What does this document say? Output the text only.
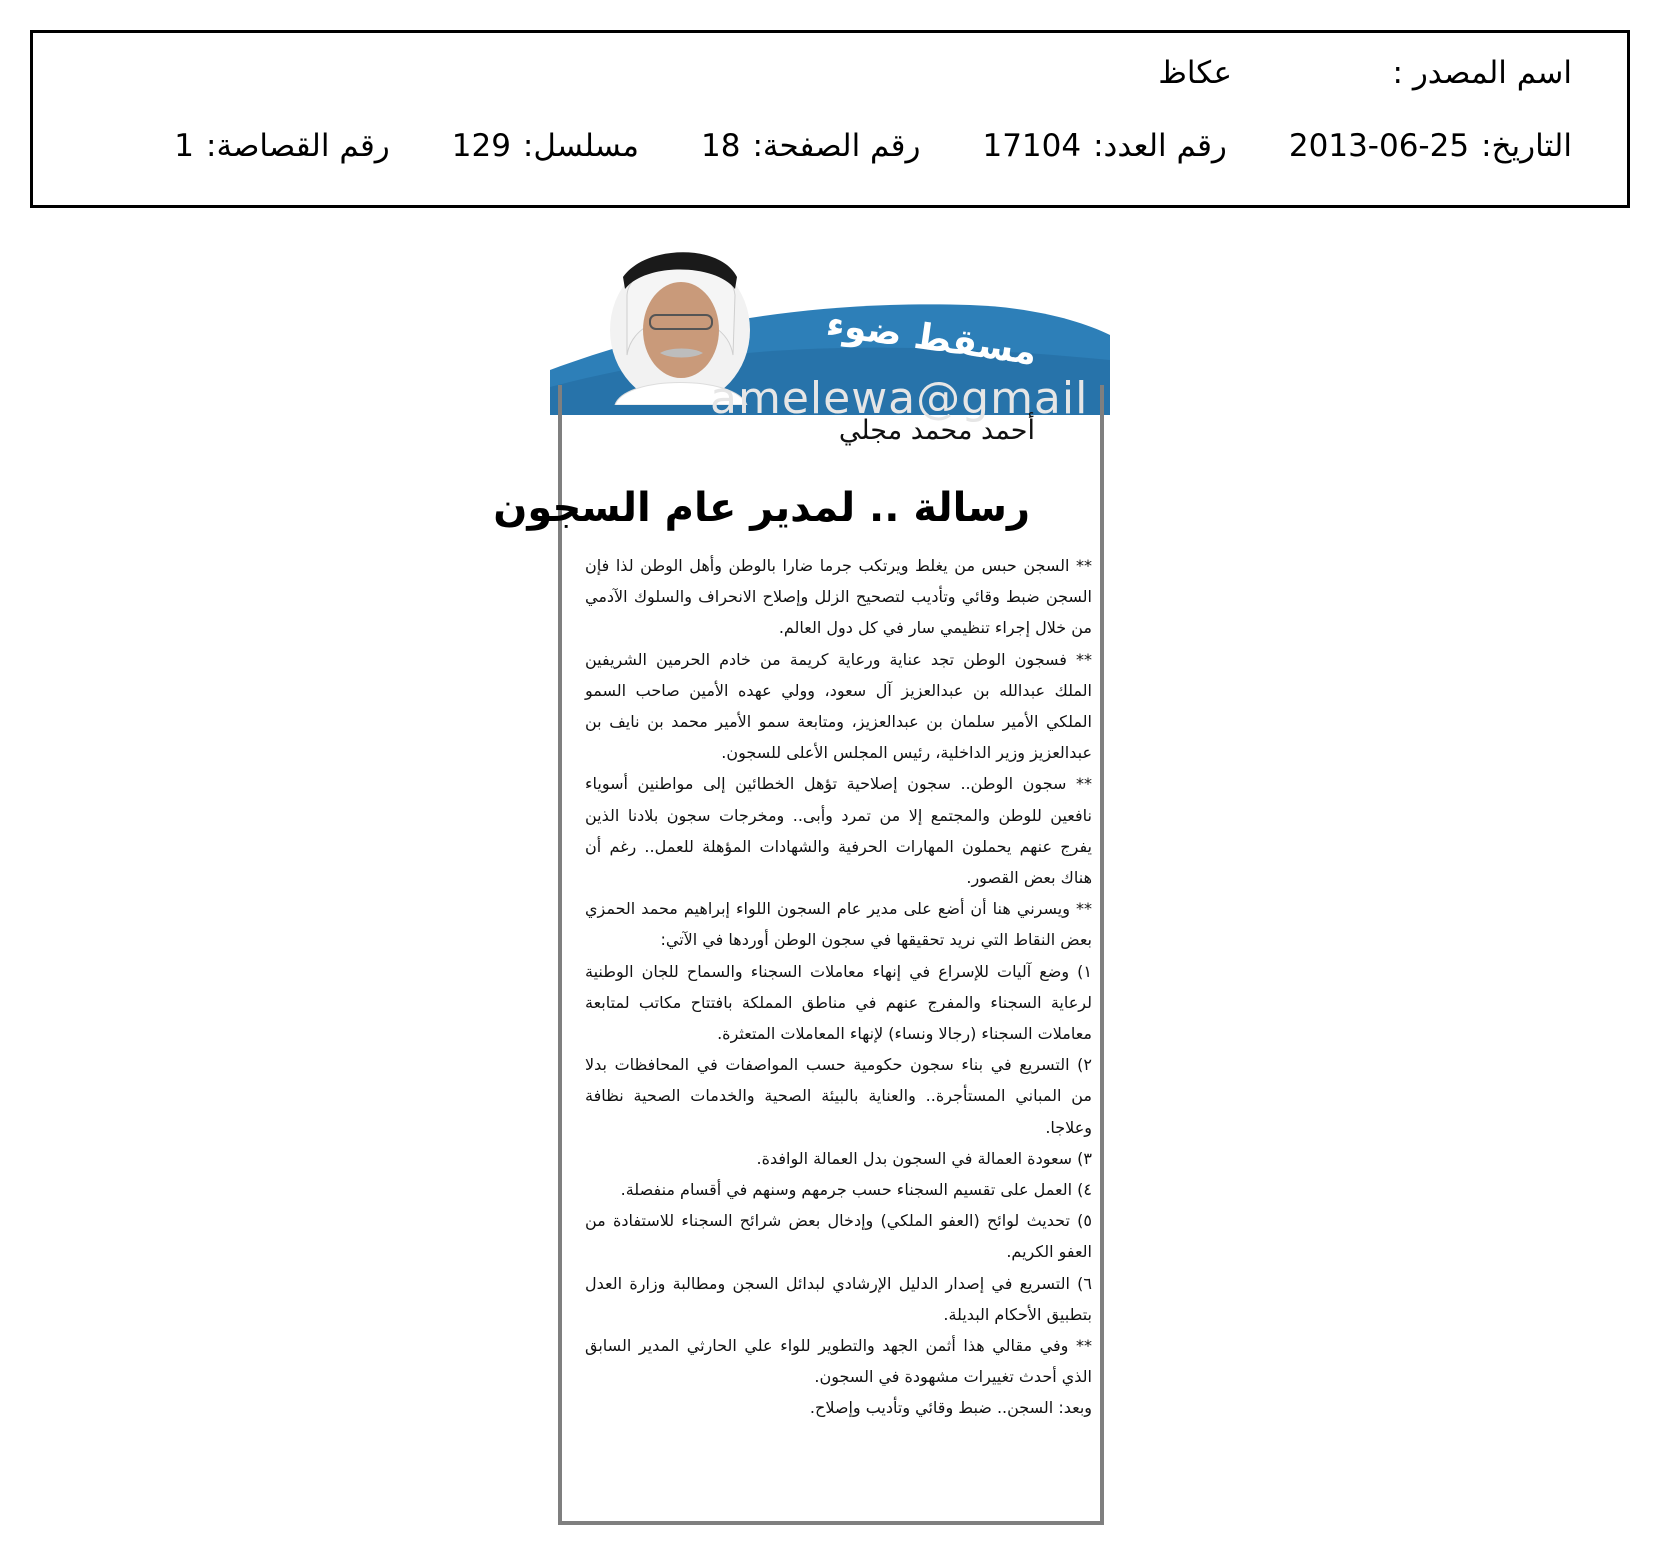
اسم المصدر :
عكاظ
التاريخ:
2013-06-25
رقم العدد:
17104
رقم الصفحة:
18
مسلسل:
129
رقم القصاصة:
1
مسقط ضوء
amelewa@gmail
أحمد محمد مجلي
رسالة .. لمدير عام السجون

** السجن حبس من يغلط ويرتكب جرما ضارا بالوطن وأهل الوطن لذا فإن السجن ضبط وقائي وتأديب لتصحيح الزلل وإصلاح الانحراف والسلوك الآدمي من خلال إجراء تنظيمي سار في كل دول العالم.

** فسجون الوطن تجد عناية ورعاية كريمة من خادم الحرمين الشريفين الملك عبدالله بن عبدالعزيز آل سعود، وولي عهده الأمين صاحب السمو الملكي الأمير سلمان بن عبدالعزيز، ومتابعة سمو الأمير محمد بن نايف بن عبدالعزيز وزير الداخلية، رئيس المجلس الأعلى للسجون.

** سجون الوطن.. سجون إصلاحية تؤهل الخطائين إلى مواطنين أسوياء نافعين للوطن والمجتمع إلا من تمرد وأبى.. ومخرجات سجون بلادنا الذين يفرج عنهم يحملون المهارات الحرفية والشهادات المؤهلة للعمل.. رغم أن هناك بعض القصور.

** ويسرني هنا أن أضع على مدير عام السجون اللواء إبراهيم محمد الحمزي بعض النقاط التي نريد تحقيقها في سجون الوطن أوردها في الآتي:

١) وضع آليات للإسراع في إنهاء معاملات السجناء والسماح للجان الوطنية لرعاية السجناء والمفرج عنهم في مناطق المملكة بافتتاح مكاتب لمتابعة معاملات السجناء (رجالا ونساء) لإنهاء المعاملات المتعثرة.

٢) التسريع في بناء سجون حكومية حسب المواصفات في المحافظات بدلا من المباني المستأجرة.. والعناية بالبيئة الصحية والخدمات الصحية نظافة وعلاجا.

٣) سعودة العمالة في السجون بدل العمالة الوافدة.

٤) العمل على تقسيم السجناء حسب جرمهم وسنهم في أقسام منفصلة.

٥) تحديث لوائح (العفو الملكي) وإدخال بعض شرائح السجناء للاستفادة من العفو الكريم.

٦) التسريع في إصدار الدليل الإرشادي لبدائل السجن ومطالبة وزارة العدل بتطبيق الأحكام البديلة.

** وفي مقالي هذا أثمن الجهد والتطوير للواء علي الحارثي المدير السابق الذي أحدث تغييرات مشهودة في السجون.

وبعد: السجن.. ضبط وقائي وتأديب وإصلاح.
